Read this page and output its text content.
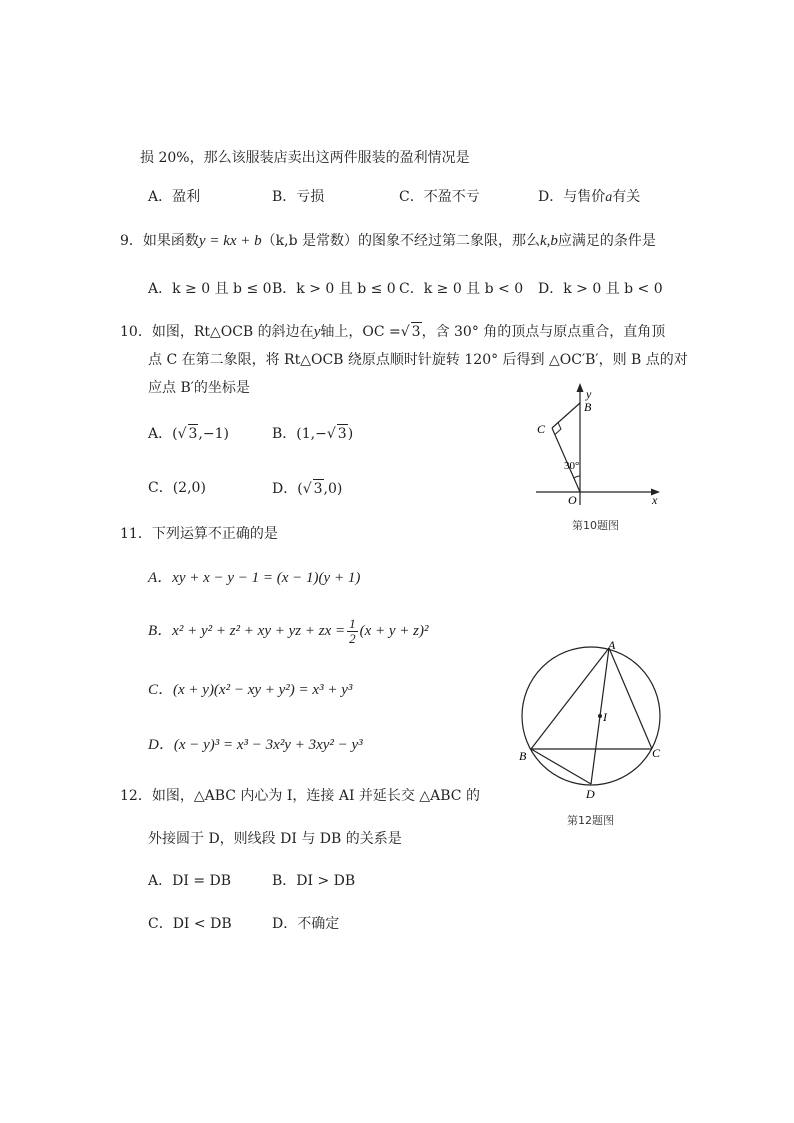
损 20%，那么该服装店卖出这两件服装的盈利情况是
A．盈利	B．亏损	C．不盈不亏	D．与售价a有关
9．如果函数y = kx + b（k,b 是常数）的图象不经过第二象限，那么k,b应满足的条件是
A．k ≥ 0 且 b ≤ 0 B．k > 0 且 b ≤ 0 C．k ≥ 0 且 b < 0 D．k > 0 且 b < 0
10．如图，Rt△OCB 的斜边在y轴上，OC =√ 3，含 30° 角的顶点与原点重合，直角顶
点 C 在第二象限，将 Rt△OCB 绕原点顺时针旋转 120° 后得到 △OC′B′，则 B 点的对
应点 B′的坐标是
A．(√ 3,−1)	B．(1,−√ 3)
C．(2,0)	D．(√ 3,0)
y
B
C
30°
O	x
第10题图
11．下列运算不正确的是
A．xy + x − y − 1 = (x − 1)(y + 1)
B．x² + y² + z² + xy + yz + zx = $\frac{1}{2} (x + y + z)^2$
C．(x + y)(x² − xy + y²) = x³ + y³
D．(x − y)³ = x³ − 3x²y + 3xy² − y³
A
I
B	C
D
第12题图
12．如图，△ABC 内心为 I，连接 AI 并延长交 △ABC 的
外接圆于 D，则线段 DI 与 DB 的关系是
A．DI = DB	B．DI > DB
C．DI < DB	D．不确定
